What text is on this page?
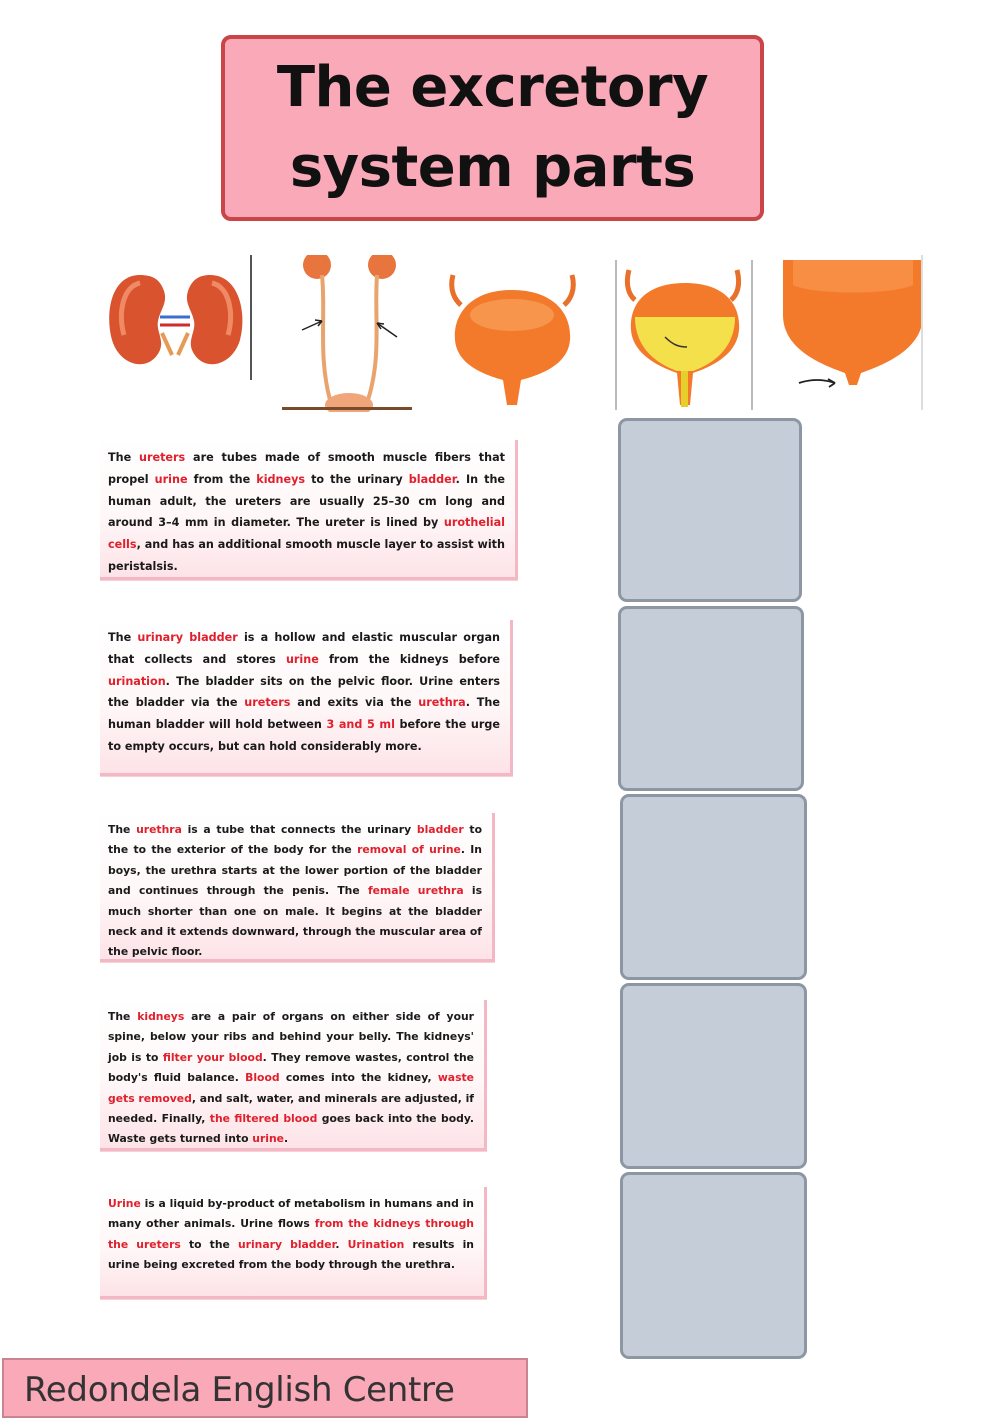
The excretory
system parts
The ureters are tubes made of smooth muscle fibers that propel urine from the kidneys to the urinary bladder. In the human adult, the ureters are usually 25–30 cm long and around 3–4 mm in diameter. The ureter is lined by urothelial cells, and has an additional smooth muscle layer to assist with peristalsis.
The urinary bladder is a hollow and elastic muscular organ that collects and stores urine from the kidneys before urination. The bladder sits on the pelvic floor. Urine enters the bladder via the ureters and exits via the urethra. The human bladder will hold between 3 and 5 ml before the urge to empty occurs, but can hold considerably more.
The urethra is a tube that connects the urinary bladder to the to the exterior of the body for the removal of urine. In boys, the urethra starts at the lower portion of the bladder and continues through the penis. The female urethra is much shorter than one on male. It begins at the bladder neck and it extends downward, through the muscular area of the pelvic floor.
The kidneys are a pair of organs on either side of your spine, below your ribs and behind your belly. The kidneys' job is to filter your blood. They remove wastes, control the body's fluid balance. Blood comes into the kidney, waste gets removed, and salt, water, and minerals are adjusted, if needed. Finally, the filtered blood goes back into the body. Waste gets turned into urine.
Urine is a liquid by-product of metabolism in humans and in many other animals. Urine flows from the kidneys through the ureters to the urinary bladder. Urination results in urine being excreted from the body through the urethra.
Redondela English Centre
